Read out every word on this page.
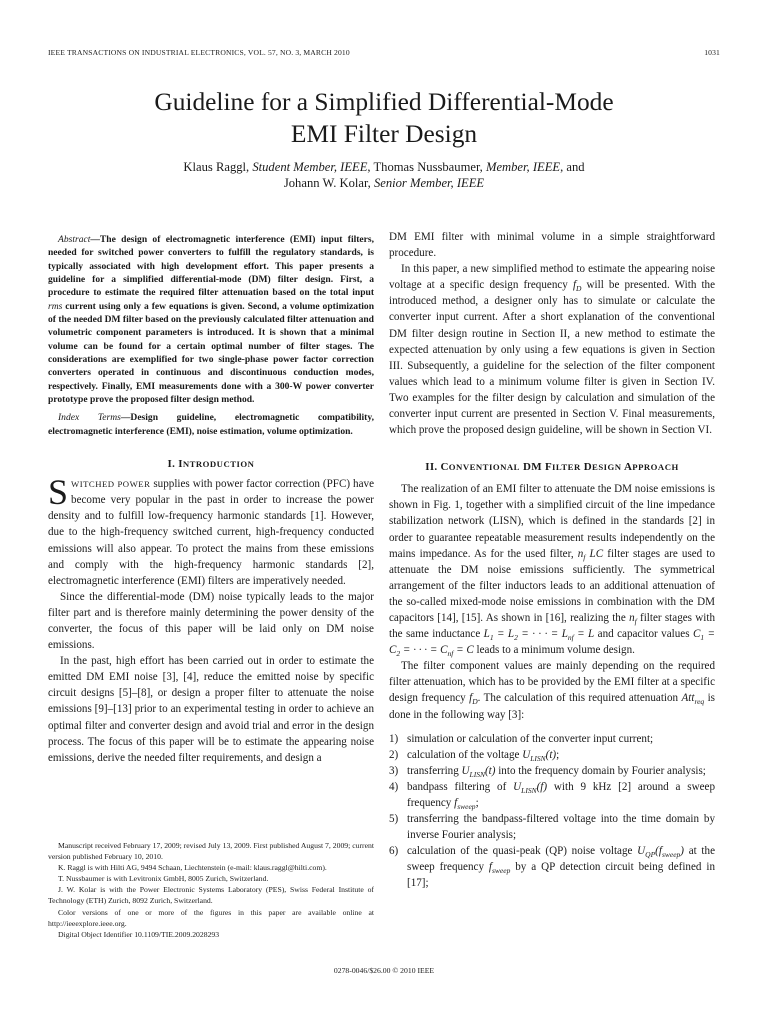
IEEE TRANSACTIONS ON INDUSTRIAL ELECTRONICS, VOL. 57, NO. 3, MARCH 2010	1031
Guideline for a Simplified Differential-Mode
EMI Filter Design
Klaus Raggl, Student Member, IEEE, Thomas Nussbaumer, Member, IEEE, and
Johann W. Kolar, Senior Member, IEEE

Abstract—The design of electromagnetic interference (EMI) input filters, needed for switched power converters to fulfill the regulatory standards, is typically associated with high development effort. This paper presents a guideline for a simplified differential-mode (DM) filter design. First, a procedure to estimate the required filter attenuation based on the total input rms current using only a few equations is given. Second, a volume optimization of the needed DM filter based on the previously calculated filter attenuation and volumetric component parameters is introduced. It is shown that a minimal volume can be found for a certain optimal number of filter stages. The considerations are exemplified for two single-phase power factor correction converters operated in continuous and discontinuous conduction modes, respectively. Finally, EMI measurements done with a 300-W power converter prototype prove the proposed filter design method.

Index Terms—Design guideline, electromagnetic compatibility, electromagnetic interference (EMI), noise estimation, volume optimization.

I. INTRODUCTION

SWITCHED POWER supplies with power factor correction (PFC) have become very popular in the past in order to increase the power density and to fulfill low-frequency harmonic standards [1]. However, due to the high-frequency switched current, high-frequency conducted emissions will also appear. To protect the mains from these emissions and comply with the high-frequency harmonic standards [2], electromagnetic interference (EMI) filters are imperatively needed.

Since the differential-mode (DM) noise typically leads to the major filter part and is therefore mainly determining the power density of the converter, the focus of this paper will be laid only on DM noise emissions.

In the past, high effort has been carried out in order to estimate the emitted DM EMI noise [3], [4], reduce the emitted noise by specific circuit designs [5]–[8], or design a proper filter to attenuate the noise emissions [9]–[13] prior to an experimental testing in order to achieve an optimal filter and converter design and avoid trial and error in the design process. The focus of this paper will be to estimate the appearing noise emissions, derive the needed filter requirements, and design a

Manuscript received February 17, 2009; revised July 13, 2009. First published August 7, 2009; current version published February 10, 2010.
K. Raggl is with Hilti AG, 9494 Schaan, Liechtenstein (e-mail: klaus.raggl@hilti.com).
T. Nussbaumer is with Levitronix GmbH, 8005 Zurich, Switzerland.
J. W. Kolar is with the Power Electronic Systems Laboratory (PES), Swiss Federal Institute of Technology (ETH) Zurich, 8092 Zurich, Switzerland.
Color versions of one or more of the figures in this paper are available online at http://ieeexplore.ieee.org.
Digital Object Identifier 10.1109/TIE.2009.2028293

DM EMI filter with minimal volume in a simple straightforward procedure.

In this paper, a new simplified method to estimate the appearing noise voltage at a specific design frequency $f_D$ will be presented. With the introduced method, a designer only has to simulate or calculate the converter input current. After a short explanation of the conventional DM filter design routine in Section II, a new method to estimate the expected attenuation by only using a few equations is given in Section III. Subsequently, a guideline for the selection of the filter component values which lead to a minimum volume filter is given in Section IV. Two examples for the filter design by calculation and simulation of the converter input current are presented in Section V. Final measurements, which prove the proposed design guideline, will be shown in Section VI.

II. CONVENTIONAL DM FILTER DESIGN APPROACH

The realization of an EMI filter to attenuate the DM noise emissions is shown in Fig. 1, together with a simplified circuit of the line impedance stabilization network (LISN), which is defined in the standards [2] in order to guarantee repeatable measurement results independently on the mains impedance. As for the used filter, $n_f$ LC filter stages are used to attenuate the DM noise emissions sufficiently. The symmetrical arrangement of the filter inductors leads to an additional attenuation of the so-called mixed-mode noise emissions in combination with the DM capacitors [14], [15]. As shown in [16], realizing the $n_f$ filter stages with the same inductance $L_1 = L_2$ = · · · = $L_{nf} = L$ and capacitor values $C_1 = C_2$ = · · · = $C_{nf} = C$ leads to a minimum volume design.

The filter component values are mainly depending on the required filter attenuation, which has to be provided by the EMI filter at a specific design frequency $f_D$. The calculation of this required attenuation Att$_{req}$ is done in the following way [3]:

1) simulation or calculation of the converter input current;
2) calculation of the voltage $U_{LISN}(t)$;
3) transferring $U_{LISN}(t)$ into the frequency domain by Fourier analysis;
4) bandpass filtering of $U_{LISN}(f)$ with 9 kHz [2] around a sweep frequency $f_{sweep}$;
5) transferring the bandpass-filtered voltage into the time domain by inverse Fourier analysis;
6) calculation of the quasi-peak (QP) noise voltage $U_{QP}(f_{sweep})$ at the sweep frequency $f_{sweep}$ by a QP detection circuit being defined in [17];
0278-0046/$26.00 © 2010 IEEE
